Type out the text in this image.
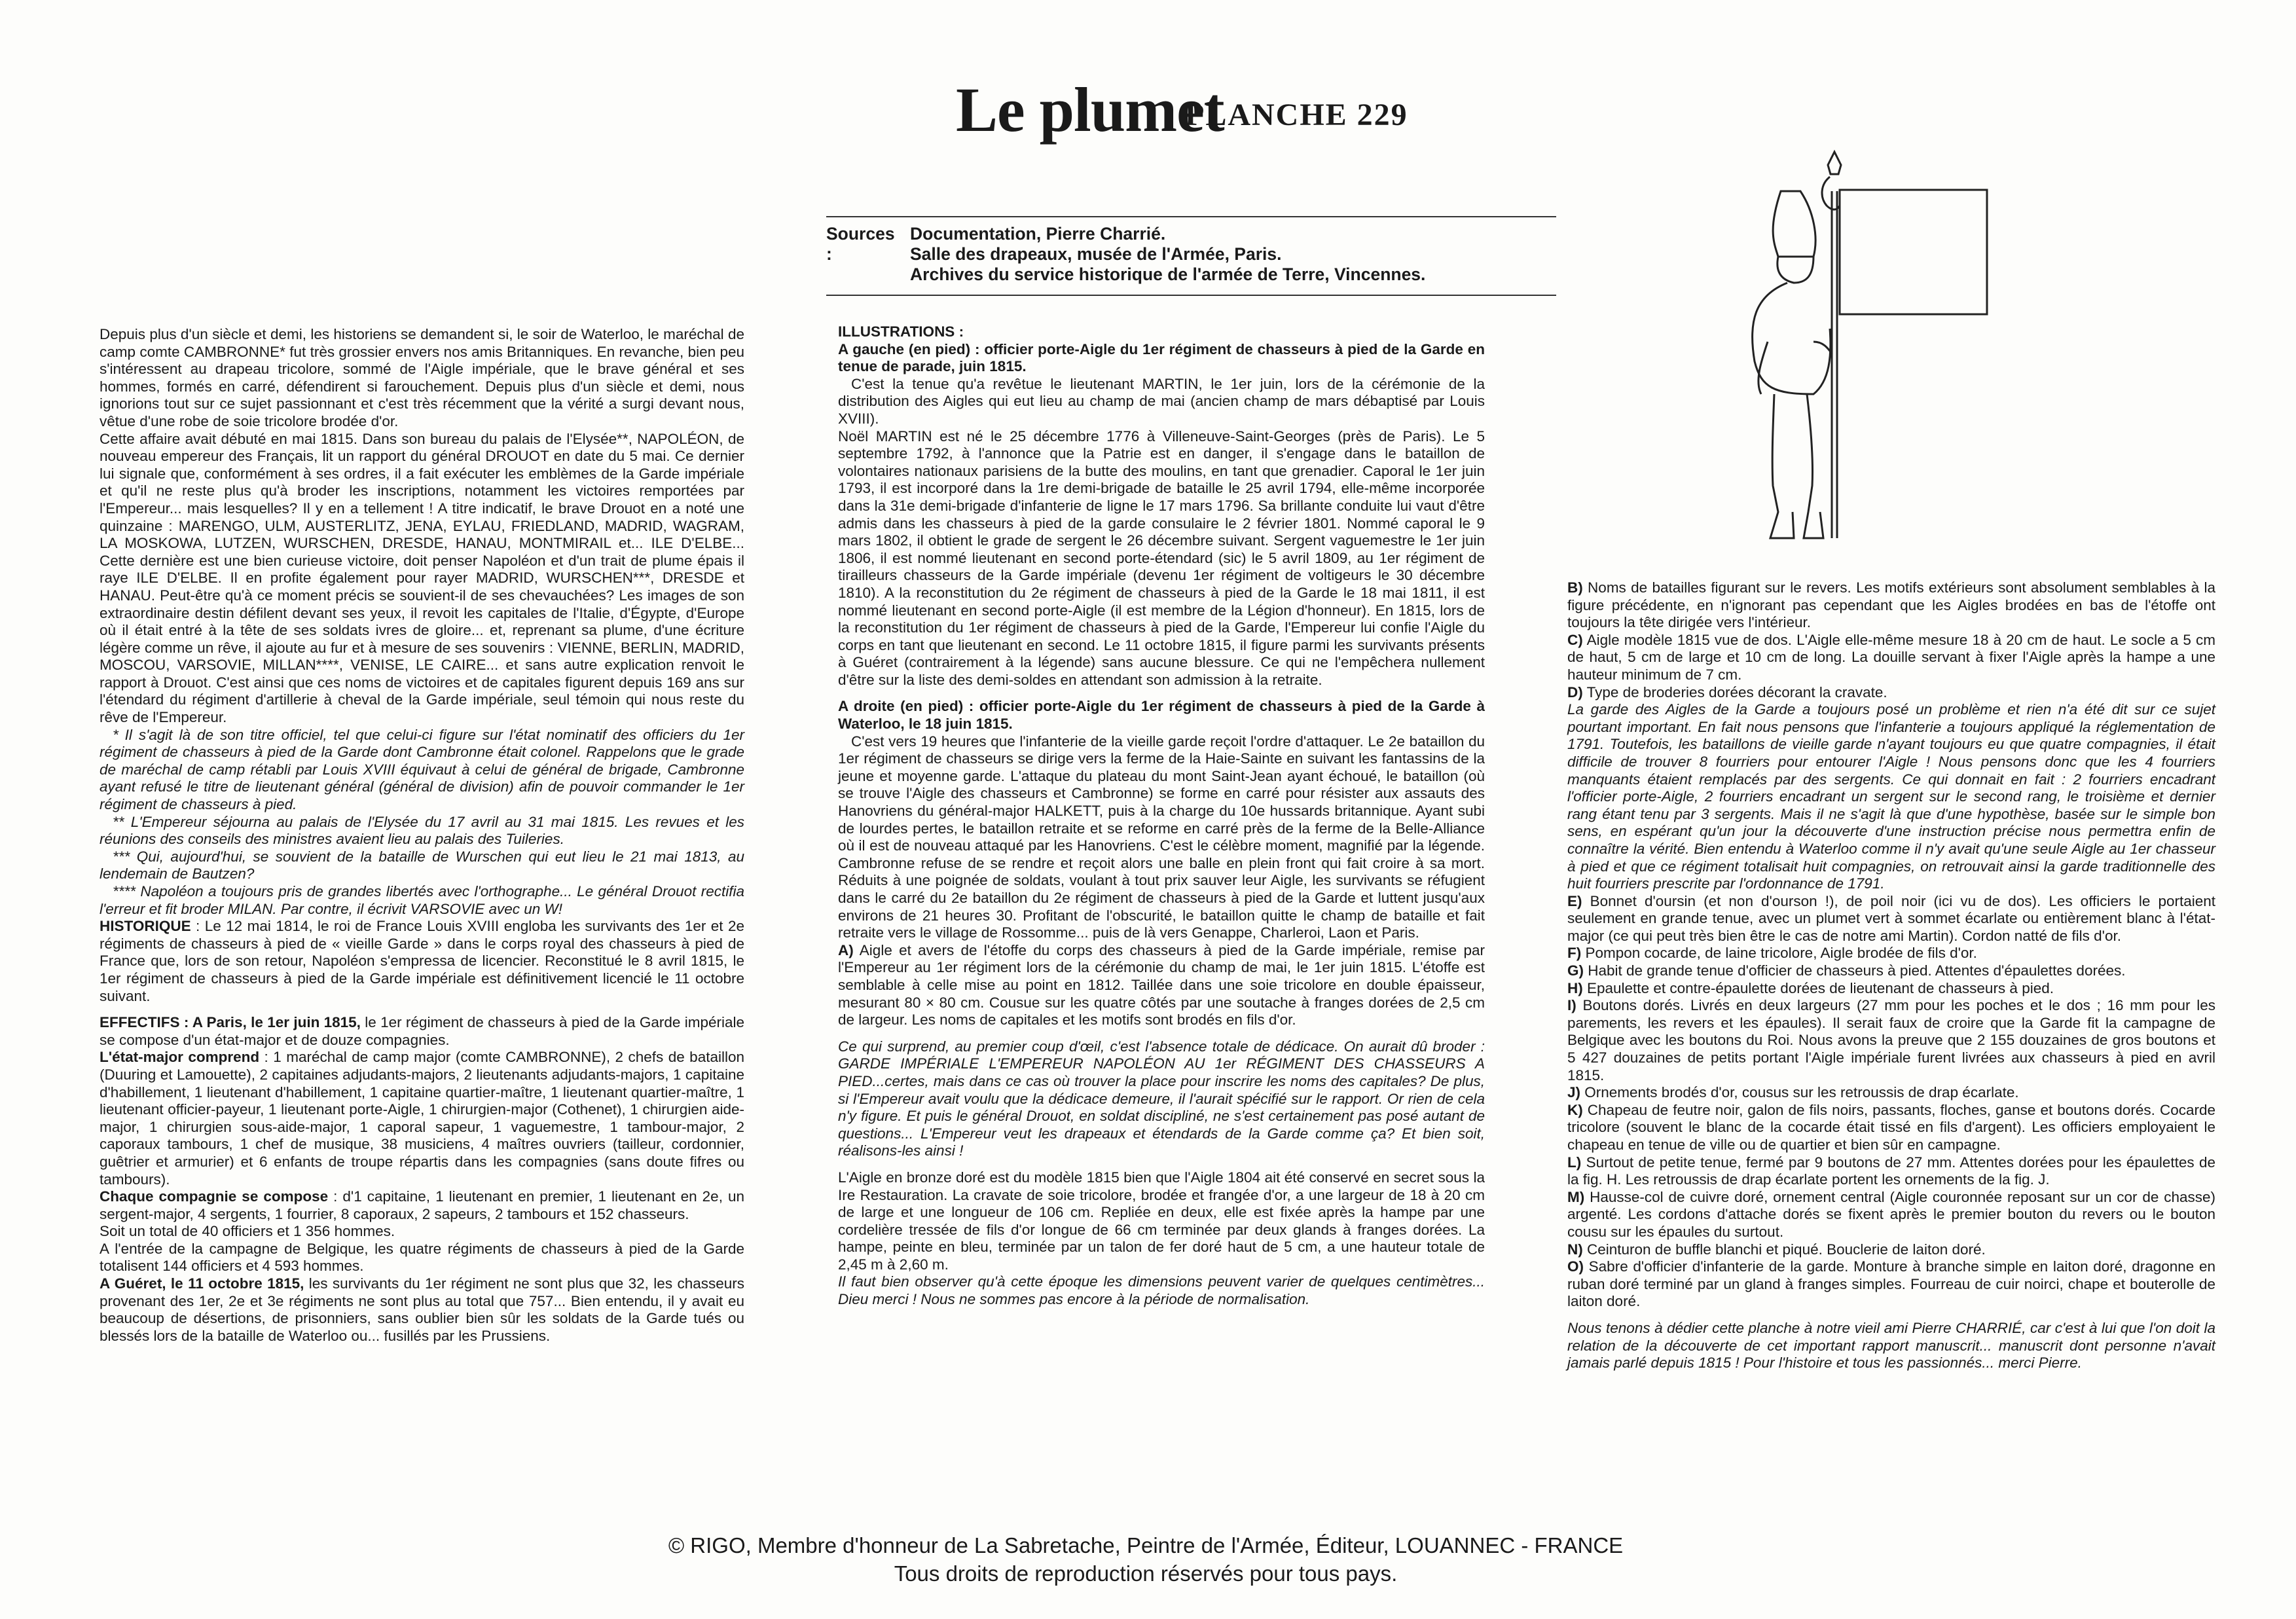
Le plumet
PLANCHE 229
Sources :
Documentation, Pierre Charrié.
Salle des drapeaux, musée de l'Armée, Paris.
Archives du service historique de l'armée de Terre, Vincennes.

Depuis plus d'un siècle et demi, les historiens se demandent si, le soir de Waterloo, le maréchal de camp comte CAMBRONNE* fut très grossier envers nos amis Britanniques. En revanche, bien peu s'intéressent au drapeau tricolore, sommé de l'Aigle impériale, que le brave général et ses hommes, formés en carré, défendirent si farouchement. Depuis plus d'un siècle et demi, nous ignorions tout sur ce sujet passionnant et c'est très récemment que la vérité a surgi devant nous, vêtue d'une robe de soie tricolore brodée d'or.

Cette affaire avait débuté en mai 1815. Dans son bureau du palais de l'Elysée**, NAPOLÉON, de nouveau empereur des Français, lit un rapport du général DROUOT en date du 5 mai. Ce dernier lui signale que, conformément à ses ordres, il a fait exécuter les emblèmes de la Garde impériale et qu'il ne reste plus qu'à broder les inscriptions, notamment les victoires remportées par l'Empereur... mais lesquelles? Il y en a tellement ! A titre indicatif, le brave Drouot en a noté une quinzaine : MARENGO, ULM, AUSTERLITZ, JENA, EYLAU, FRIEDLAND, MADRID, WAGRAM, LA MOSKOWA, LUTZEN, WURSCHEN, DRESDE, HANAU, MONTMIRAIL et... ILE D'ELBE... Cette dernière est une bien curieuse victoire, doit penser Napoléon et d'un trait de plume épais il raye ILE D'ELBE. Il en profite également pour rayer MADRID, WURSCHEN***, DRESDE et HANAU. Peut-être qu'à ce moment précis se souvient-il de ses chevauchées? Les images de son extraordinaire destin défilent devant ses yeux, il revoit les capitales de l'Italie, d'Égypte, d'Europe où il était entré à la tête de ses soldats ivres de gloire... et, reprenant sa plume, d'une écriture légère comme un rêve, il ajoute au fur et à mesure de ses souvenirs : VIENNE, BERLIN, MADRID, MOSCOU, VARSOVIE, MILLAN****, VENISE, LE CAIRE... et sans autre explication renvoit le rapport à Drouot. C'est ainsi que ces noms de victoires et de capitales figurent depuis 169 ans sur l'étendard du régiment d'artillerie à cheval de la Garde impériale, seul témoin qui nous reste du rêve de l'Empereur.

* Il s'agit là de son titre officiel, tel que celui-ci figure sur l'état nominatif des officiers du 1er régiment de chasseurs à pied de la Garde dont Cambronne était colonel. Rappelons que le grade de maréchal de camp rétabli par Louis XVIII équivaut à celui de général de brigade, Cambronne ayant refusé le titre de lieutenant général (général de division) afin de pouvoir commander le 1er régiment de chasseurs à pied.

** L'Empereur séjourna au palais de l'Elysée du 17 avril au 31 mai 1815. Les revues et les réunions des conseils des ministres avaient lieu au palais des Tuileries.

*** Qui, aujourd'hui, se souvient de la bataille de Wurschen qui eut lieu le 21 mai 1813, au lendemain de Bautzen?

**** Napoléon a toujours pris de grandes libertés avec l'orthographe... Le général Drouot rectifia l'erreur et fit broder MILAN. Par contre, il écrivit VARSOVIE avec un W!

HISTORIQUE : Le 12 mai 1814, le roi de France Louis XVIII engloba les survivants des 1er et 2e régiments de chasseurs à pied de « vieille Garde » dans le corps royal des chasseurs à pied de France que, lors de son retour, Napoléon s'empressa de licencier. Reconstitué le 8 avril 1815, le 1er régiment de chasseurs à pied de la Garde impériale est définitivement licencié le 11 octobre suivant.

EFFECTIFS : A Paris, le 1er juin 1815, le 1er régiment de chasseurs à pied de la Garde impériale se compose d'un état-major et de douze compagnies.

L'état-major comprend : 1 maréchal de camp major (comte CAMBRONNE), 2 chefs de bataillon (Duuring et Lamouette), 2 capitaines adjudants-majors, 2 lieutenants adjudants-majors, 1 capitaine d'habillement, 1 lieutenant d'habillement, 1 capitaine quartier-maître, 1 lieutenant quartier-maître, 1 lieutenant officier-payeur, 1 lieutenant porte-Aigle, 1 chirurgien-major (Cothenet), 1 chirurgien aide-major, 1 chirurgien sous-aide-major, 1 caporal sapeur, 1 vaguemestre, 1 tambour-major, 2 caporaux tambours, 1 chef de musique, 38 musiciens, 4 maîtres ouvriers (tailleur, cordonnier, guêtrier et armurier) et 6 enfants de troupe répartis dans les compagnies (sans doute fifres ou tambours).

Chaque compagnie se compose : d'1 capitaine, 1 lieutenant en premier, 1 lieutenant en 2e, un sergent-major, 4 sergents, 1 fourrier, 8 caporaux, 2 sapeurs, 2 tambours et 152 chasseurs.

Soit un total de 40 officiers et 1 356 hommes.

A l'entrée de la campagne de Belgique, les quatre régiments de chasseurs à pied de la Garde totalisent 144 officiers et 4 593 hommes.

A Guéret, le 11 octobre 1815, les survivants du 1er régiment ne sont plus que 32, les chasseurs provenant des 1er, 2e et 3e régiments ne sont plus au total que 757... Bien entendu, il y avait eu beaucoup de désertions, de prisonniers, sans oublier bien sûr les soldats de la Garde tués ou blessés lors de la bataille de Waterloo ou... fusillés par les Prussiens.

ILLUSTRATIONS :

A gauche (en pied) : officier porte-Aigle du 1er régiment de chasseurs à pied de la Garde en tenue de parade, juin 1815.

C'est la tenue qu'a revêtue le lieutenant MARTIN, le 1er juin, lors de la cérémonie de la distribution des Aigles qui eut lieu au champ de mai (ancien champ de mars débaptisé par Louis XVIII).

Noël MARTIN est né le 25 décembre 1776 à Villeneuve-Saint-Georges (près de Paris). Le 5 septembre 1792, à l'annonce que la Patrie est en danger, il s'engage dans le bataillon de volontaires nationaux parisiens de la butte des moulins, en tant que grenadier. Caporal le 1er juin 1793, il est incorporé dans la 1re demi-brigade de bataille le 25 avril 1794, elle-même incorporée dans la 31e demi-brigade d'infanterie de ligne le 17 mars 1796. Sa brillante conduite lui vaut d'être admis dans les chasseurs à pied de la garde consulaire le 2 février 1801. Nommé caporal le 9 mars 1802, il obtient le grade de sergent le 26 décembre suivant. Sergent vaguemestre le 1er juin 1806, il est nommé lieutenant en second porte-étendard (sic) le 5 avril 1809, au 1er régiment de tirailleurs chasseurs de la Garde impériale (devenu 1er régiment de voltigeurs le 30 décembre 1810). A la reconstitution du 2e régiment de chasseurs à pied de la Garde le 18 mai 1811, il est nommé lieutenant en second porte-Aigle (il est membre de la Légion d'honneur). En 1815, lors de la reconstitution du 1er régiment de chasseurs à pied de la Garde, l'Empereur lui confie l'Aigle du corps en tant que lieutenant en second. Le 11 octobre 1815, il figure parmi les survivants présents à Guéret (contrairement à la légende) sans aucune blessure. Ce qui ne l'empêchera nullement d'être sur la liste des demi-soldes en attendant son admission à la retraite.

A droite (en pied) : officier porte-Aigle du 1er régiment de chasseurs à pied de la Garde à Waterloo, le 18 juin 1815.

C'est vers 19 heures que l'infanterie de la vieille garde reçoit l'ordre d'attaquer. Le 2e bataillon du 1er régiment de chasseurs se dirige vers la ferme de la Haie-Sainte en suivant les fantassins de la jeune et moyenne garde. L'attaque du plateau du mont Saint-Jean ayant échoué, le bataillon (où se trouve l'Aigle des chasseurs et Cambronne) se forme en carré pour résister aux assauts des Hanovriens du général-major HALKETT, puis à la charge du 10e hussards britannique. Ayant subi de lourdes pertes, le bataillon retraite et se reforme en carré près de la ferme de la Belle-Alliance où il est de nouveau attaqué par les Hanovriens. C'est le célèbre moment, magnifié par la légende. Cambronne refuse de se rendre et reçoit alors une balle en plein front qui fait croire à sa mort. Réduits à une poignée de soldats, voulant à tout prix sauver leur Aigle, les survivants se réfugient dans le carré du 2e bataillon du 2e régiment de chasseurs à pied de la Garde et luttent jusqu'aux environs de 21 heures 30. Profitant de l'obscurité, le bataillon quitte le champ de bataille et fait retraite vers le village de Rossomme... puis de là vers Genappe, Charleroi, Laon et Paris.

A) Aigle et avers de l'étoffe du corps des chasseurs à pied de la Garde impériale, remise par l'Empereur au 1er régiment lors de la cérémonie du champ de mai, le 1er juin 1815. L'étoffe est semblable à celle mise au point en 1812. Taillée dans une soie tricolore en double épaisseur, mesurant 80 × 80 cm. Cousue sur les quatre côtés par une soutache à franges dorées de 2,5 cm de largeur. Les noms de capitales et les motifs sont brodés en fils d'or.

Ce qui surprend, au premier coup d'œil, c'est l'absence totale de dédicace. On aurait dû broder : GARDE IMPÉRIALE L'EMPEREUR NAPOLÉON AU 1er RÉGIMENT DES CHASSEURS A PIED...certes, mais dans ce cas où trouver la place pour inscrire les noms des capitales? De plus, si l'Empereur avait voulu que la dédicace demeure, il l'aurait spécifié sur le rapport. Or rien de cela n'y figure. Et puis le général Drouot, en soldat discipliné, ne s'est certainement pas posé autant de questions... L'Empereur veut les drapeaux et étendards de la Garde comme ça? Et bien soit, réalisons-les ainsi !

L'Aigle en bronze doré est du modèle 1815 bien que l'Aigle 1804 ait été conservé en secret sous la Ire Restauration. La cravate de soie tricolore, brodée et frangée d'or, a une largeur de 18 à 20 cm de large et une longueur de 106 cm. Repliée en deux, elle est fixée après la hampe par une cordelière tressée de fils d'or longue de 66 cm terminée par deux glands à franges dorées. La hampe, peinte en bleu, terminée par un talon de fer doré haut de 5 cm, a une hauteur totale de 2,45 m à 2,60 m.

Il faut bien observer qu'à cette époque les dimensions peuvent varier de quelques centimètres... Dieu merci ! Nous ne sommes pas encore à la période de normalisation.

B) Noms de batailles figurant sur le revers. Les motifs extérieurs sont absolument semblables à la figure précédente, en n'ignorant pas cependant que les Aigles brodées en bas de l'étoffe ont toujours la tête dirigée vers l'intérieur.

C) Aigle modèle 1815 vue de dos. L'Aigle elle-même mesure 18 à 20 cm de haut. Le socle a 5 cm de haut, 5 cm de large et 10 cm de long. La douille servant à fixer l'Aigle après la hampe a une hauteur minimum de 7 cm.

D) Type de broderies dorées décorant la cravate.

La garde des Aigles de la Garde a toujours posé un problème et rien n'a été dit sur ce sujet pourtant important. En fait nous pensons que l'infanterie a toujours appliqué la réglementation de 1791. Toutefois, les bataillons de vieille garde n'ayant toujours eu que quatre compagnies, il était difficile de trouver 8 fourriers pour entourer l'Aigle ! Nous pensons donc que les 4 fourriers manquants étaient remplacés par des sergents. Ce qui donnait en fait : 2 fourriers encadrant l'officier porte-Aigle, 2 fourriers encadrant un sergent sur le second rang, le troisième et dernier rang étant tenu par 3 sergents. Mais il ne s'agit là que d'une hypothèse, basée sur le simple bon sens, en espérant qu'un jour la découverte d'une instruction précise nous permettra enfin de connaître la vérité. Bien entendu à Waterloo comme il n'y avait qu'une seule Aigle au 1er chasseur à pied et que ce régiment totalisait huit compagnies, on retrouvait ainsi la garde traditionnelle des huit fourriers prescrite par l'ordonnance de 1791.

E) Bonnet d'oursin (et non d'ourson !), de poil noir (ici vu de dos). Les officiers le portaient seulement en grande tenue, avec un plumet vert à sommet écarlate ou entièrement blanc à l'état-major (ce qui peut très bien être le cas de notre ami Martin). Cordon natté de fils d'or.

F) Pompon cocarde, de laine tricolore, Aigle brodée de fils d'or.

G) Habit de grande tenue d'officier de chasseurs à pied. Attentes d'épaulettes dorées.

H) Epaulette et contre-épaulette dorées de lieutenant de chasseurs à pied.

I) Boutons dorés. Livrés en deux largeurs (27 mm pour les poches et le dos ; 16 mm pour les parements, les revers et les épaules). Il serait faux de croire que la Garde fit la campagne de Belgique avec les boutons du Roi. Nous avons la preuve que 2 155 douzaines de gros boutons et 5 427 douzaines de petits portant l'Aigle impériale furent livrées aux chasseurs à pied en avril 1815.

J) Ornements brodés d'or, cousus sur les retroussis de drap écarlate.

K) Chapeau de feutre noir, galon de fils noirs, passants, floches, ganse et boutons dorés. Cocarde tricolore (souvent le blanc de la cocarde était tissé en fils d'argent). Les officiers employaient le chapeau en tenue de ville ou de quartier et bien sûr en campagne.

L) Surtout de petite tenue, fermé par 9 boutons de 27 mm. Attentes dorées pour les épaulettes de la fig. H. Les retroussis de drap écarlate portent les ornements de la fig. J.

M) Hausse-col de cuivre doré, ornement central (Aigle couronnée reposant sur un cor de chasse) argenté. Les cordons d'attache dorés se fixent après le premier bouton du revers ou le bouton cousu sur les épaules du surtout.

N) Ceinturon de buffle blanchi et piqué. Bouclerie de laiton doré.

O) Sabre d'officier d'infanterie de la garde. Monture à branche simple en laiton doré, dragonne en ruban doré terminé par un gland à franges simples. Fourreau de cuir noirci, chape et bouterolle de laiton doré.

Nous tenons à dédier cette planche à notre vieil ami Pierre CHARRIÉ, car c'est à lui que l'on doit la relation de la découverte de cet important rapport manuscrit... manuscrit dont personne n'avait jamais parlé depuis 1815 ! Pour l'histoire et tous les passionnés... merci Pierre.

© RIGO, Membre d'honneur de La Sabretache, Peintre de l'Armée, Éditeur, LOUANNEC - FRANCE
Tous droits de reproduction réservés pour tous pays.
